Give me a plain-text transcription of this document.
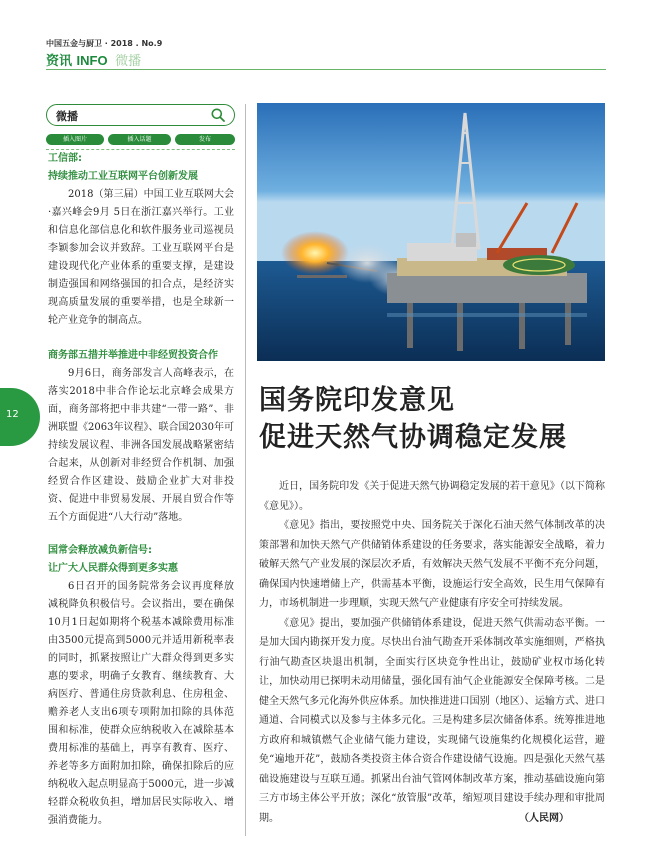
中国五金与厨卫 · 2018 . No.9
资讯 INFO 微播
微播
插入图片	插入话题	发布
工信部:
持续推动工业互联网平台创新发展

2018（第三届）中国工业互联网大会·嘉兴峰会9月 5日在浙江嘉兴举行。工业和信息化部信息化和软件服务业司巡视员李颖参加会议并致辞。工业互联网平台是建设现代化产业体系的重要支撑，是建设制造强国和网络强国的扣合点，是经济实现高质量发展的重要举措，也是全球新一轮产业竞争的制高点。

商务部五措并举推进中非经贸投资合作

9月6日，商务部发言人高峰表示，在落实2018中非合作论坛北京峰会成果方面，商务部将把中非共建“一带一路”、非洲联盟《2063年议程》、联合国2030年可持续发展议程、非洲各国发展战略紧密结合起来，从创新对非经贸合作机制、加强经贸合作区建设、鼓励企业扩大对非投资、促进中非贸易发展、开展自贸合作等五个方面促进“八大行动”落地。

国常会释放减负新信号:
让广大人民群众得到更多实惠

6日召开的国务院常务会议再度释放减税降负积极信号。会议指出，要在确保10月1日起如期将个税基本减除费用标准由3500元提高到5000元并适用新税率表的同时，抓紧按照让广大群众得到更多实惠的要求，明确子女教育、继续教育、大病医疗、普通住房贷款利息、住房租金、赡养老人支出6项专项附加扣除的具体范围和标准，使群众应纳税收入在减除基本费用标准的基础上，再享有教育、医疗、养老等多方面附加扣除，确保扣除后的应纳税收入起点明显高于5000元，进一步减轻群众税收负担，增加居民实际收入、增强消费能力。

12	国务院印发意见
促进天然气协调稳定发展

近日，国务院印发《关于促进天然气协调稳定发展的若干意见》（以下简称《意见》）。

《意见》指出，要按照党中央、国务院关于深化石油天然气体制改革的决策部署和加快天然气产供储销体系建设的任务要求，落实能源安全战略，着力破解天然气产业发展的深层次矛盾，有效解决天然气发展不平衡不充分问题，确保国内快速增储上产，供需基本平衡，设施运行安全高效，民生用气保障有力，市场机制进一步理顺，实现天然气产业健康有序安全可持续发展。

《意见》提出，要加强产供储销体系建设，促进天然气供需动态平衡。一是加大国内勘探开发力度。尽快出台油气勘查开采体制改革实施细则，严格执行油气勘查区块退出机制，全面实行区块竞争性出让，鼓励矿业权市场化转让，加快动用已探明未动用储量，强化国有油气企业能源安全保障考核。二是健全天然气多元化海外供应体系。加快推进进口国别（地区）、运输方式、进口通道、合同模式以及参与主体多元化。三是构建多层次储备体系。统筹推进地方政府和城镇燃气企业储气能力建设，实现储气设施集约化规模化运营，避免“遍地开花”，鼓励各类投资主体合资合作建设储气设施。四是强化天然气基础设施建设与互联互通。抓紧出台油气管网体制改革方案，推动基础设施向第三方市场主体公平开放；深化“放管服”改革，缩短项目建设手续办理和审批周期。	（人民网）
